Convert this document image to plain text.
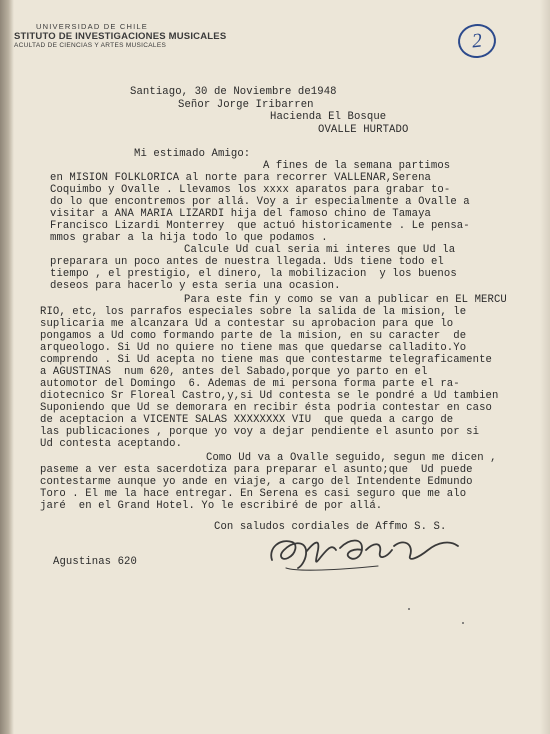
UNIVERSIDAD DE CHILE
STITUTO DE INVESTIGACIONES MUSICALES
ACULTAD DE CIENCIAS Y ARTES MUSICALES	2
Santiago, 30 de Noviembre de1948
Señor Jorge Iribarren
Hacienda El Bosque
OVALLE HURTADO
Mi estimado Amigo:
A fines de la semana partimos
en MISION FOLKLORICA al norte para recorrer VALLENAR,Serena
Coquimbo y Ovalle . Llevamos los xxxx aparatos para grabar to-
do lo que encontremos por allá. Voy a ir especialmente a Ovalle a
visitar a ANA MARIA LIZARDI hija del famoso chino de Tamaya
Francisco Lizardi Monterrey  que actuó historicamente . Le pensa-
mmos grabar a la hija todo lo que podamos .
Calcule Ud cual seria mi interes que Ud la
preparara un poco antes de nuestra llegada. Uds tiene todo el
tiempo , el prestigio, el dinero, la mobilizacion  y los buenos
deseos para hacerlo y esta seria una ocasion.
Para este fin y como se van a publicar en EL MERCU
RIO, etc, los parrafos especiales sobre la salida de la mision, le
suplicaria me alcanzara Ud a contestar su aprobacion para que lo
pongamos a Ud como formando parte de la mision, en su caracter  de
arqueologo. Si Ud no quiere no tiene mas que quedarse calladito.Yo
comprendo . Si Ud acepta no tiene mas que contestarme telegraficamente
a AGUSTINAS  num 620, antes del Sabado,porque yo parto en el
automotor del Domingo  6. Ademas de mi persona forma parte el ra-
diotecnico Sr Floreal Castro,y,si Ud contesta se le pondré a Ud tambien
Suponiendo que Ud se demorara en recibir ésta podria contestar en caso
de aceptacion a VICENTE SALAS XXXXXXXX VIU  que queda a cargo de
las publicaciones , porque yo voy a dejar pendiente el asunto por si
Ud contesta aceptando.
Como Ud va a Ovalle seguido, segun me dicen ,
paseme a ver esta sacerdotiza para preparar el asunto;que  Ud puede
contestarme aunque yo ande en viaje, a cargo del Intendente Edmundo
Toro . El me la hace entregar. En Serena es casi seguro que me alo
jaré  en el Grand Hotel. Yo le escribiré de por allá.
Con saludos cordiales de Affmo S. S.
Agustinas 620
